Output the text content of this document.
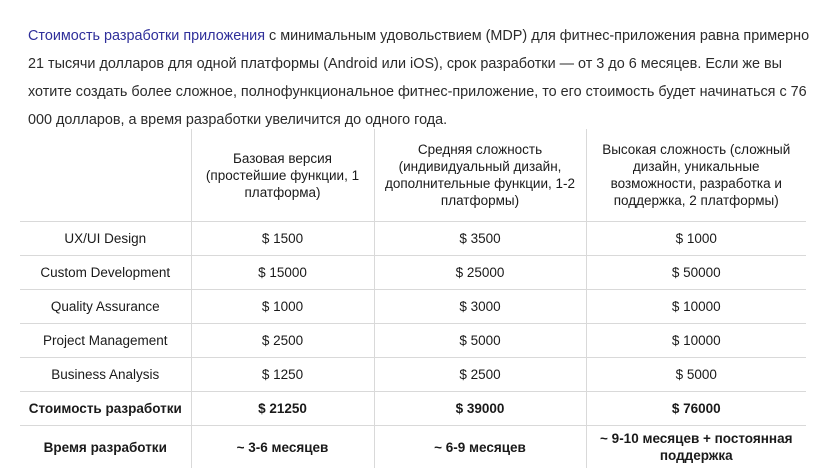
Стоимость разработки приложения с минимальным удовольствием (MDP) для фитнес-приложения равна примерно 21 тысячи долларов для одной платформы (Android или iOS), срок разработки — от 3 до 6 месяцев. Если же вы хотите создать более сложное, полнофункциональное фитнес-приложение, то его стоимость будет начинаться с 76 000 долларов, а время разработки увеличится до одного года.

	Базовая версия (простейшие функции, 1 платформа)	Средняя сложность (индивидуальный дизайн, дополнительные функции, 1-2 платформы)	Высокая сложность (сложный дизайн, уникальные возможности, разработка и поддержка, 2 платформы)
UX/UI Design	$ 1500	$ 3500	$ 1000
Custom Development	$ 15000	$ 25000	$ 50000
Quality Assurance	$ 1000	$ 3000	$ 10000
Project Management	$ 2500	$ 5000	$ 10000
Business Analysis	$ 1250	$ 2500	$ 5000
Стоимость разработки	$ 21250	$ 39000	$ 76000
Время разработки	~ 3-6 месяцев	~ 6-9 месяцев	~ 9-10 месяцев + постоянная поддержка
